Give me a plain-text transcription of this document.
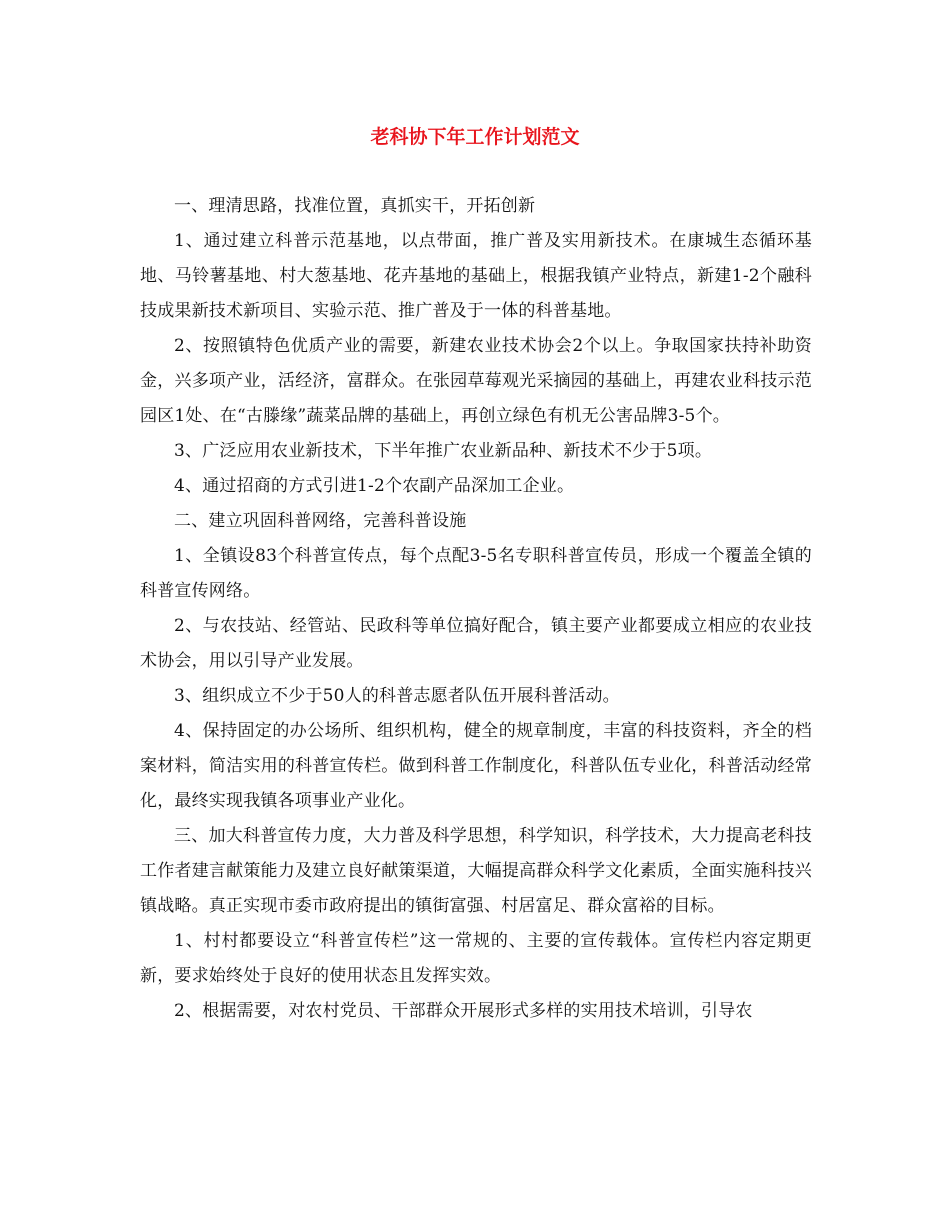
老科协下年工作计划范文

一、理清思路，找准位置，真抓实干，开拓创新

1、通过建立科普示范基地，以点带面，推广普及实用新技术。在康城生态循环基地、马铃薯基地、村大葱基地、花卉基地的基础上，根据我镇产业特点，新建1-2个融科技成果新技术新项目、实验示范、推广普及于一体的科普基地。

2、按照镇特色优质产业的需要，新建农业技术协会2个以上。争取国家扶持补助资金，兴多项产业，活经济，富群众。在张园草莓观光采摘园的基础上，再建农业科技示范园区1处、在“古滕缘”蔬菜品牌的基础上，再创立绿色有机无公害品牌3-5个。

3、广泛应用农业新技术，下半年推广农业新品种、新技术不少于5项。

4、通过招商的方式引进1-2个农副产品深加工企业。

二、建立巩固科普网络，完善科普设施

1、全镇设83个科普宣传点，每个点配3-5名专职科普宣传员，形成一个覆盖全镇的科普宣传网络。

2、与农技站、经管站、民政科等单位搞好配合，镇主要产业都要成立相应的农业技术协会，用以引导产业发展。

3、组织成立不少于50人的科普志愿者队伍开展科普活动。

4、保持固定的办公场所、组织机构，健全的规章制度，丰富的科技资料，齐全的档案材料，简洁实用的科普宣传栏。做到科普工作制度化，科普队伍专业化，科普活动经常化，最终实现我镇各项事业产业化。

三、加大科普宣传力度，大力普及科学思想，科学知识，科学技术，大力提高老科技工作者建言献策能力及建立良好献策渠道，大幅提高群众科学文化素质，全面实施科技兴镇战略。真正实现市委市政府提出的镇街富强、村居富足、群众富裕的目标。

1、村村都要设立“科普宣传栏”这一常规的、主要的宣传载体。宣传栏内容定期更新，要求始终处于良好的使用状态且发挥实效。

2、根据需要，对农村党员、干部群众开展形式多样的实用技术培训，引导农
